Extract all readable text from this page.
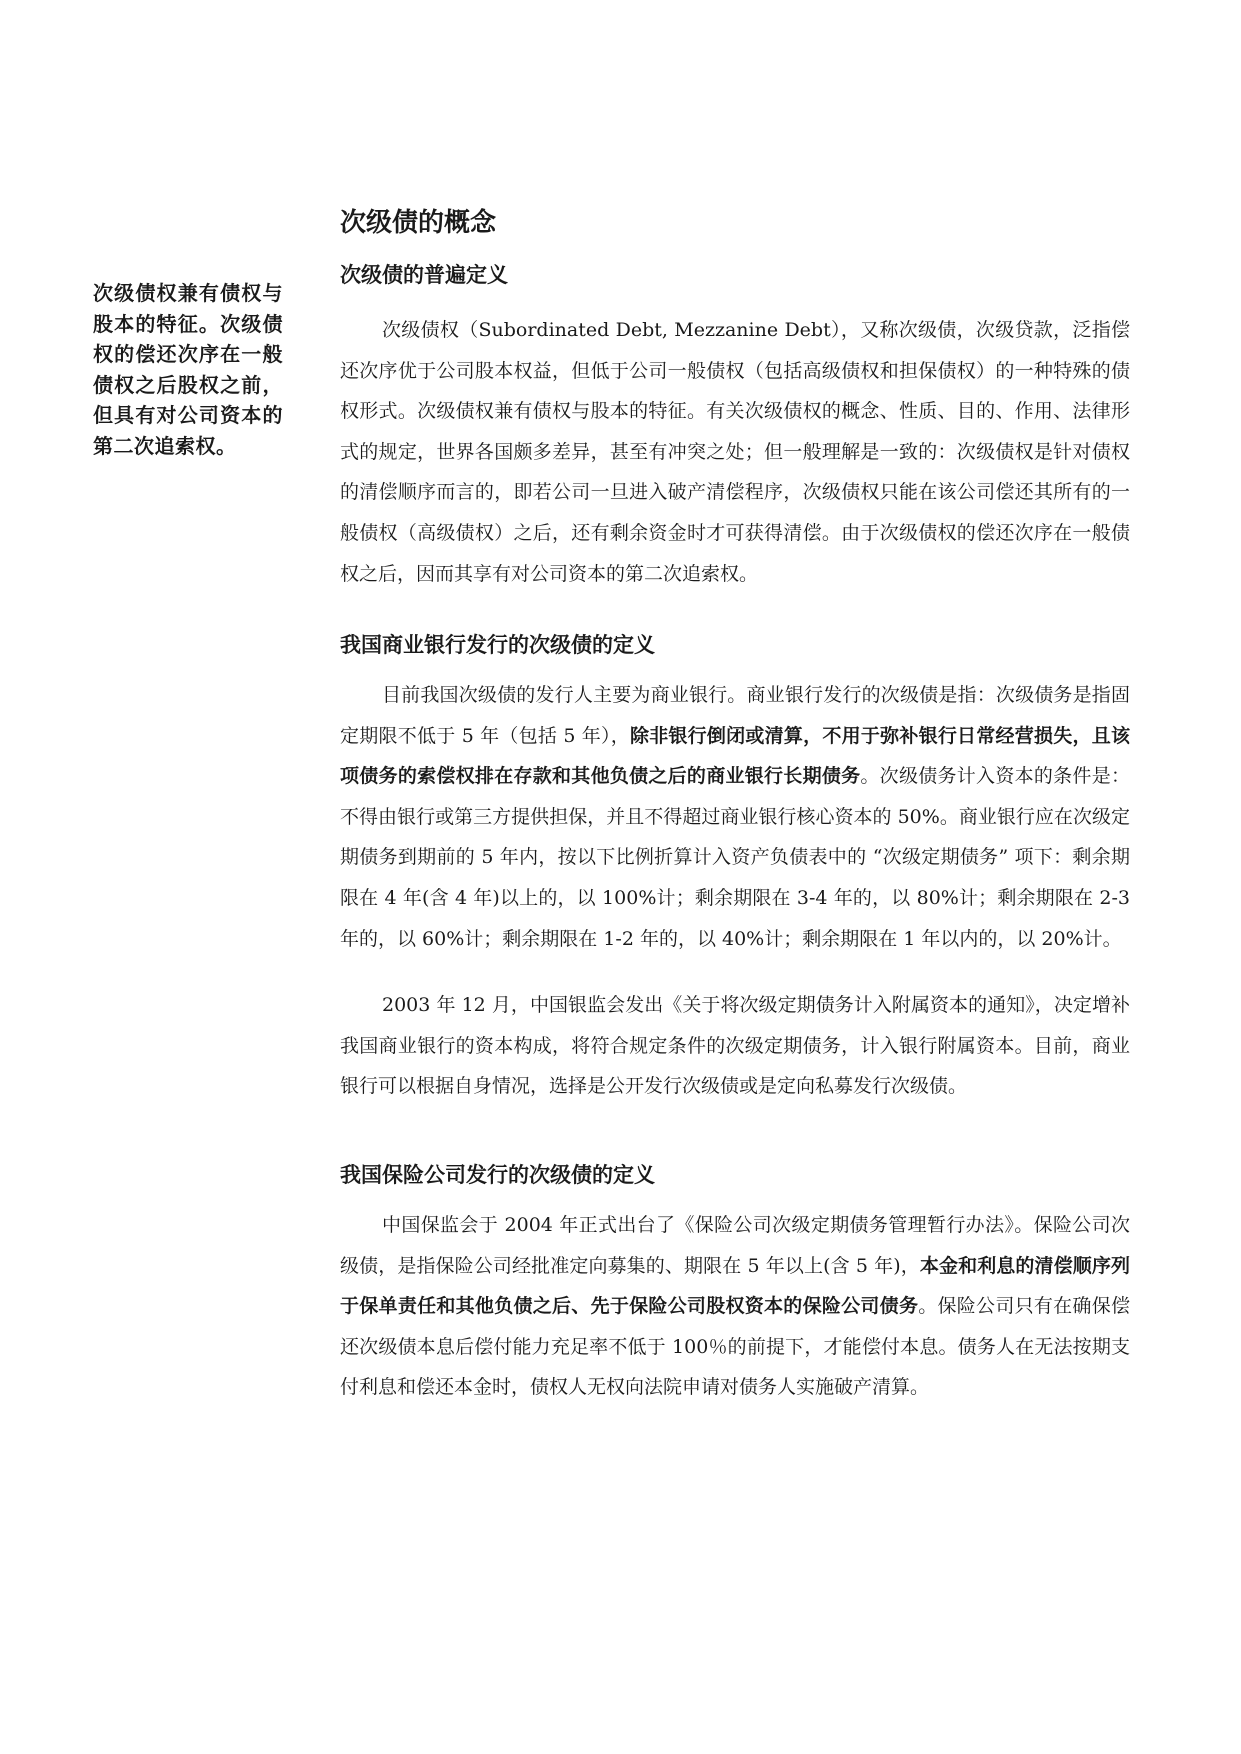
次级债的概念

次级债权兼有债权与股本的特征。次级债权的偿还次序在一般债权之后股权之前，但具有对公司资本的第二次追索权。

次级债的普遍定义

次级债权（Subordinated Debt, Mezzanine Debt），又称次级债，次级贷款，泛指偿还次序优于公司股本权益，但低于公司一般债权（包括高级债权和担保债权）的一种特殊的债权形式。次级债权兼有债权与股本的特征。有关次级债权的概念、性质、目的、作用、法律形式的规定，世界各国颇多差异，甚至有冲突之处；但一般理解是一致的：次级债权是针对债权的清偿顺序而言的，即若公司一旦进入破产清偿程序，次级债权只能在该公司偿还其所有的一般债权（高级债权）之后，还有剩余资金时才可获得清偿。由于次级债权的偿还次序在一般债权之后，因而其享有对公司资本的第二次追索权。

我国商业银行发行的次级债的定义

目前我国次级债的发行人主要为商业银行。商业银行发行的次级债是指：次级债务是指固定期限不低于 5 年（包括 5 年），除非银行倒闭或清算，不用于弥补银行日常经营损失，且该项债务的索偿权排在存款和其他负债之后的商业银行长期债务。次级债务计入资本的条件是：不得由银行或第三方提供担保，并且不得超过商业银行核心资本的 50%。商业银行应在次级定期债务到期前的 5 年内，按以下比例折算计入资产负债表中的 “次级定期债务” 项下：剩余期限在 4 年(含 4 年)以上的，以 100%计；剩余期限在 3-4 年的，以 80%计；剩余期限在 2-3 年的，以 60%计；剩余期限在 1-2 年的，以 40%计；剩余期限在 1 年以内的，以 20%计。

2003 年 12 月，中国银监会发出《关于将次级定期债务计入附属资本的通知》，决定增补我国商业银行的资本构成，将符合规定条件的次级定期债务，计入银行附属资本。目前，商业银行可以根据自身情况，选择是公开发行次级债或是定向私募发行次级债。

我国保险公司发行的次级债的定义

中国保监会于 2004 年正式出台了《保险公司次级定期债务管理暂行办法》。保险公司次级债，是指保险公司经批准定向募集的、期限在 5 年以上(含 5 年)，本金和利息的清偿顺序列于保单责任和其他负债之后、先于保险公司股权资本的保险公司债务。保险公司只有在确保偿还次级债本息后偿付能力充足率不低于 100％的前提下，才能偿付本息。债务人在无法按期支付利息和偿还本金时，债权人无权向法院申请对债务人实施破产清算。
